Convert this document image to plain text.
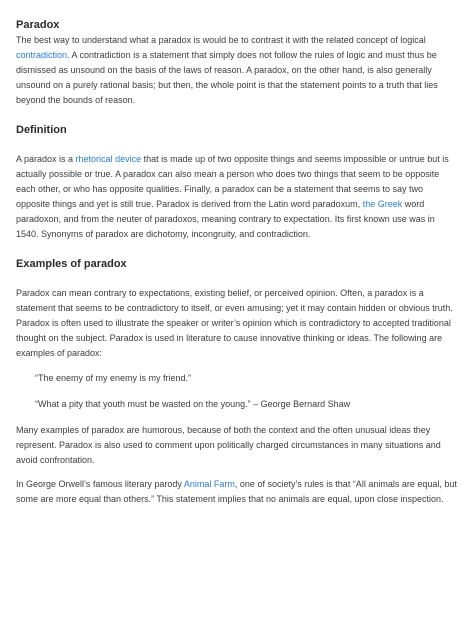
Paradox

The best way to understand what a paradox is would be to contrast it with the related concept of logical contradiction. A contradiction is a statement that simply does not follow the rules of logic and must thus be dismissed as unsound on the basis of the laws of reason. A paradox, on the other hand, is also generally unsound on a purely rational basis; but then, the whole point is that the statement points to a truth that lies beyond the bounds of reason.

Definition

A paradox is a rhetorical device that is made up of two opposite things and seems impossible or untrue but is actually possible or true. A paradox can also mean a person who does two things that seem to be opposite each other, or who has opposite qualities. Finally, a paradox can be a statement that seems to say two opposite things and yet is still true. Paradox is derived from the Latin word paradoxum, the Greek word paradoxon, and from the neuter of paradoxos, meaning contrary to expectation. Its first known use was in 1540. Synonyms of paradox are dichotomy, incongruity, and contradiction.

Examples of paradox

Paradox can mean contrary to expectations, existing belief, or perceived opinion. Often, a paradox is a statement that seems to be contradictory to itself, or even amusing; yet it may contain hidden or obvious truth. Paradox is often used to illustrate the speaker or writer’s opinion which is contradictory to accepted traditional thought on the subject. Paradox is used in literature to cause innovative thinking or ideas. The following are examples of paradox:

“The enemy of my enemy is my friend.”

“What a pity that youth must be wasted on the young.” – George Bernard Shaw

Many examples of paradox are humorous, because of both the context and the often unusual ideas they represent. Paradox is also used to comment upon politically charged circumstances in many situations and avoid confrontation.

In George Orwell’s famous literary parody Animal Farm, one of society’s rules is that “All animals are equal, but some are more equal than others.” This statement implies that no animals are equal, upon close inspection.
